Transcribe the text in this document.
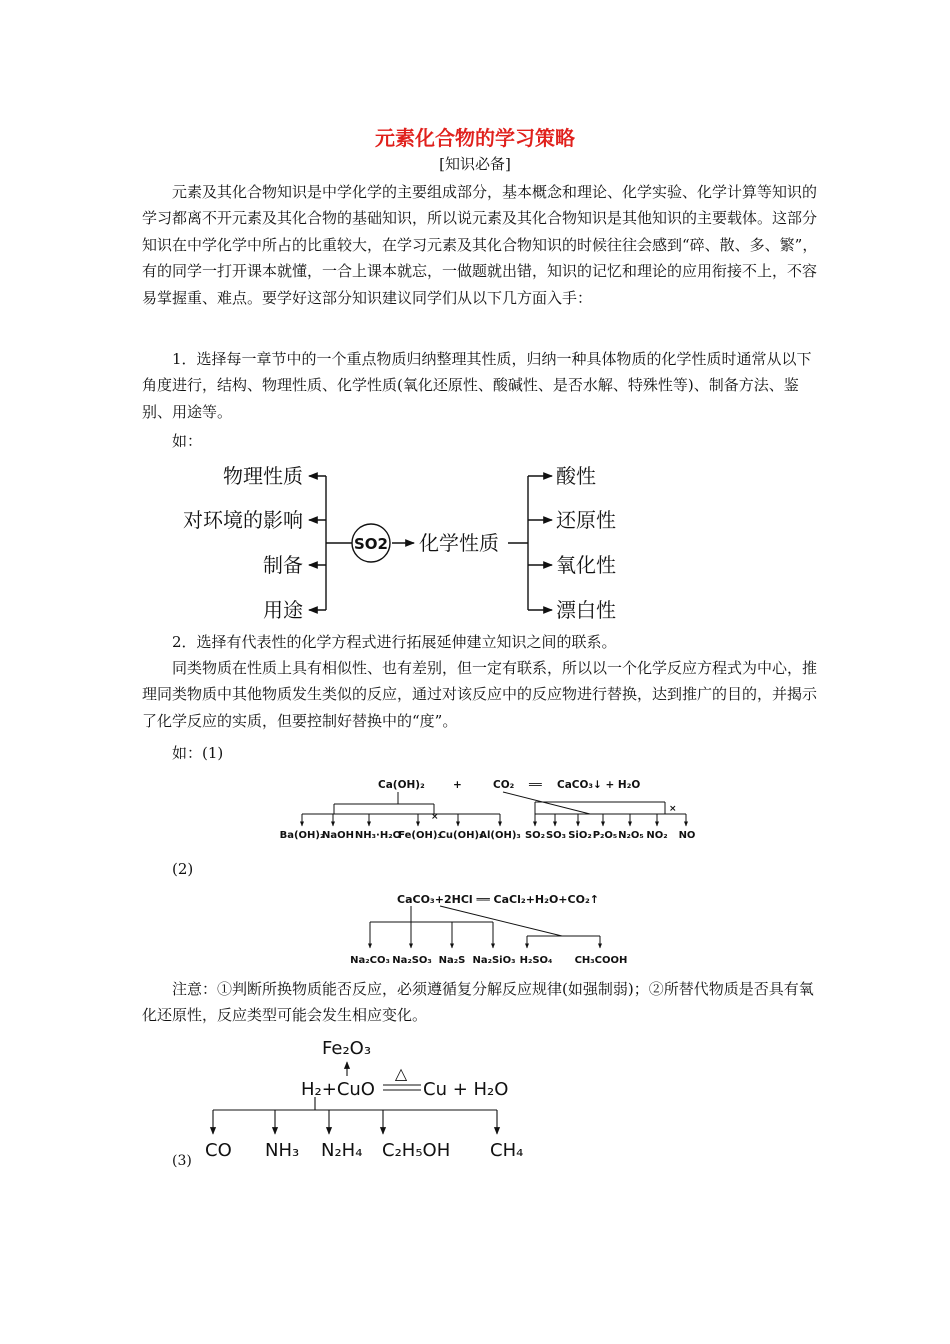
元素化合物的学习策略
[知识必备]

元素及其化合物知识是中学化学的主要组成部分，基本概念和理论、化学实验、化学计算等知识的学习都离不开元素及其化合物的基础知识，所以说元素及其化合物知识是其他知识的主要载体。这部分知识在中学化学中所占的比重较大，在学习元素及其化合物知识的时候往往会感到“碎、散、多、繁”，有的同学一打开课本就懂，一合上课本就忘，一做题就出错，知识的记忆和理论的应用衔接不上，不容易掌握重、难点。要学好这部分知识建议同学们从以下几方面入手：

1．选择每一章节中的一个重点物质归纳整理其性质，归纳一种具体物质的化学性质时通常从以下角度进行，结构、物理性质、化学性质(氧化还原性、酸碱性、是否水解、特殊性等)、制备方法、鉴别、用途等。

如：
物理性质
对环境的影响
制备
用途
SO2 化学性质
酸性
还原性
氧化性
漂白性
2．选择有代表性的化学方程式进行拓展延伸建立知识之间的联系。

同类物质在性质上具有相似性、也有差别，但一定有联系，所以以一个化学反应方程式为中心，推理同类物质中其他物质发生类似的反应，通过对该反应中的反应物进行替换，达到推广的目的，并揭示了化学反应的实质，但要控制好替换中的“度”。

如：(1)
Ca(OH)₂	+	CO₂ ══ CaCO₃↓ + H₂O
×
×
Ba(OH)₂
NaOH NH₃·H₂O
Fe(OH)₃
Cu(OH)₂
Al(OH)₃ SO₂ SO₃ SiO₂ P₂O₅ N₂O₅ NO₂ NO
(2)
CaCO₃+2HCl ══ CaCl₂+H₂O+CO₂↑
Na₂CO₃ Na₂SO₃ Na₂S Na₂SiO₃ H₂SO₄ CH₃COOH

注意：①判断所换物质能否反应，必须遵循复分解反应规律(如强制弱)；②所替代物质是否具有氧化还原性，反应类型可能会发生相应变化。

Fe₂O₃
H₂+CuO
△
Cu + H₂O
CO NH₃ N₂H₄ C₂H₅OH CH₄
(3)
